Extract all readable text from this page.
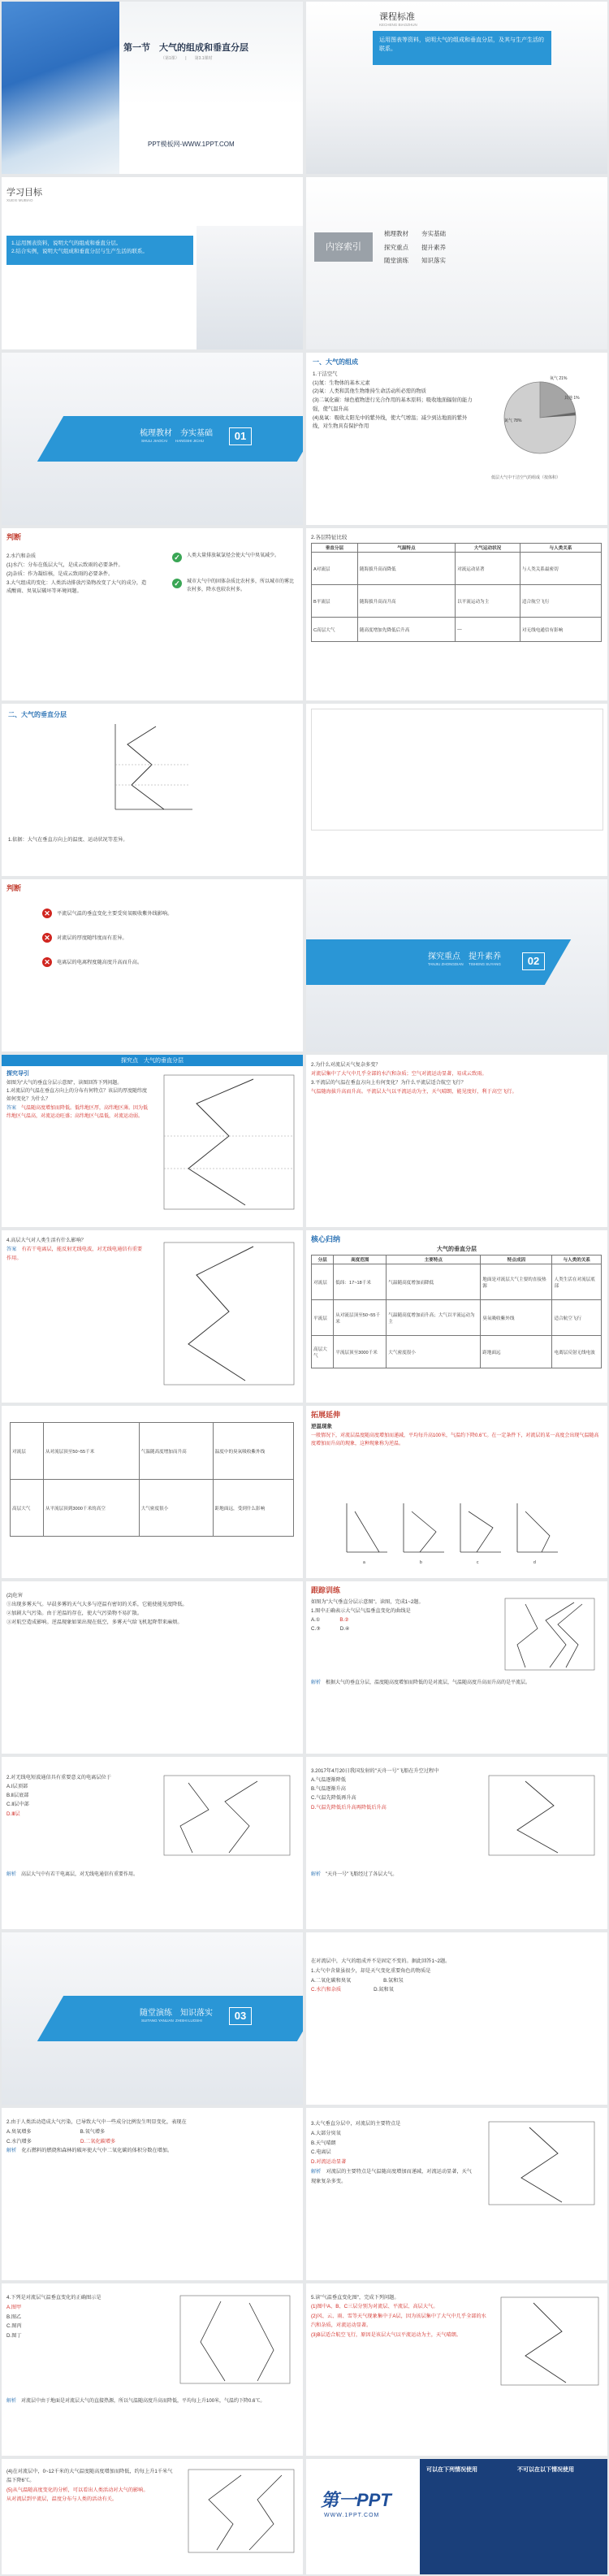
第一节　大气的组成和垂直分层
（第1课）　　|　　第3.1课时
PPT模板网-WWW.1PPT.COM
课程标准
KECHENG BIAOZHUN
运用图表等资料，说明大气的组成和垂直分层，及其与生产生活的联系。
学习目标
XUEXI MUBIAO
1.运用图表资料，说明大气的组成和垂直分层。
2.结合实例，说明大气组成和垂直分层与生产生活的联系。	内容索引
梳理教材 夯实基础
探究重点 提升素养
随堂演练 知识落实
梳理教材　夯实基础
SHULI JIAOCAI HANGSHI JICHU	01
一、大气的组成
1.干洁空气
(1)氮：生物体的基本元素
(2)氧：人类和其他生物维持生命活动所必需的物质
(3)二氧化碳：绿色植物进行光合作用的基本原料；吸收地面辐射的能力强，使气温升高
(4)臭氧：吸收太阳光中的紫外线，使大气增温；减少到达地面的紫外线，对生物具有保护作用
氧气 21%
氮气 78%
其他 1%
低层大气中干洁空气的组成（按体积）
判断
2.水汽和杂质
(1)水汽：分布在低层大气，是成云致雨的必要条件。
(2)杂质：作为凝结核，是成云致雨的必要条件。
3.大气组成的变化：人类活动排放污染物改变了大气的成分，造成酸雨、臭氧层破坏等环境问题。
✓	人类大量排放氟氯烃会使大气中臭氧减少。
✓	城市大气中的固体杂质比农村多，所以城市的雾比农村多，降水也较农村多。
2.各层特征比较
垂直分层	气温特点	大气运动状况	与人类关系
A对流层	随海拔升高而降低	对流运动显著	与人类关系最密切
B平流层	随海拔升高而升高	以平流运动为主	适合航空飞行
C高层大气	随高度增加先降低后升高	—	对无线电通信有影响
二、大气的垂直分层
1.依据：大气在垂直方向上的温度、运动状况等差异。
判断
✕	平流层气温的垂直变化主要受臭氧吸收紫外线影响。
✕	对流层的厚度随纬度而有差异。
✕	电离层的电离程度随高度升高而升高。
探究重点　提升素养
TANJIU ZHONGDIAN TISHENG SUYANG	02
探究点　大气的垂直分层
探究导引
如图为"大气的垂直分层示意图"，读图回答下列问题。
1.对流层的气温在垂直方向上的分布有何特点？该层的厚度随纬度如何变化？为什么？
答案　 气温随高度增加而降低。低纬地区厚，高纬地区薄。因为低纬地区气温高，对流运动旺盛；高纬地区气温低，对流运动弱。
2.为什么对流层天气复杂多变？
对流层集中了大气中几乎全部的水汽和杂质；空气对流运动显著，易成云致雨。
3.平流层的气温在垂直方向上有何变化？为什么平流层适合航空飞行？
气温随海拔升高而升高。平流层大气以平流运动为主，天气晴朗，能见度好，利于高空飞行。
4.高层大气对人类生活有什么影响？
答案　 有若干电离层，能反射无线电波，对无线电通信有重要作用。
核心归纳
大气的垂直分层
分层	高度范围	主要特点	特点成因	与人类的关系
对流层	低纬：17~18千米	气温随高度增加而降低	地面是对流层大气主要的直接热源	人类生活在对流层底部
平流层	从对流层顶至50~55千米	气温随高度增加而升高；大气以平流运动为主	臭氧吸收紫外线	适合航空飞行
高层大气	平流层顶至3000千米	大气密度很小	距地面远	电离层反射无线电波
对流层	从对流层顶至50~55千米	气温随高度增加而升高	温度中的臭氧吸收紫外线
高层大气	从平流层顶到3000千米的高空	大气密度很小	距地面远，受到什么影响
拓展延伸
逆温现象
一般情况下，对流层温度随高度增加而递减，平均每升高100米，气温约下降0.6℃。在一定条件下，对流层的某一高度会出现气温随高度增加而升高的现象，这种现象称为逆温。
a	b	c	d
(2)危害
①出现多雾天气。早晨多雾的天气大多与逆温有密切的关系，它能使能见度降低。
②加剧大气污染。由于逆温的存在，使大气污染物不易扩散。
③对航空造成影响。逆温现象如果出现在低空，多雾天气给飞机起降带来麻烦。
跟踪训练
如图为"大气垂直分层示意图"。读图，完成1~2题。
1.图中正确表示大气层气温垂直变化的曲线是
A.①	B.②
C.③	D.④
解析　 根据大气的垂直分层，温度随高度增加而降低的是对流层，气温随高度升高而升高的是平流层。
2.对无线电短波通信具有重要意义的电离层位于
A.Ⅰ层顶部
B.Ⅱ层底部
C.Ⅱ层中部
D.Ⅲ层
解析　 高层大气中有若干电离层，对无线电通信有重要作用。
3.2017年4月20日我国发射的"天舟一号"飞船在升空过程中
A.气温逐渐降低
B.气温逐渐升高
C.气温先降低再升高
D.气温先降低后升高再降低后升高
解析　 "天舟一号"飞船经过了各层大气。
随堂演练　知识落实
SUITANG YANLIAN ZHISHI LUOSHI	03
在对流层中，大气的组成并不是固定不变的。据此回答1~2题。
1.大气中含量虽很少，却是天气变化重要角色的物质是
A.二氧化碳和臭氧	B.氩和氖
C.水汽和杂质	D.氮和氧
2.由于人类活动造成大气污染，已导致大气中一些成分比例发生明显变化，表现在
A.臭氧增多	B.氧气增多
C.水汽增多	D.二氧化碳增多
解析　 化石燃料的燃烧和森林的破坏使大气中二氧化碳的体积分数在增加。
3.大气垂直分层中，对流层的主要特点是
A.大部分臭氧
B.天气晴朗
C.电离层
D.对流运动显著
解析　 对流层的主要特点是气温随高度增加而递减，对流运动显著，天气现象复杂多变。
4.下列是对流层气温垂直变化的正确图示是
A.图甲
B.图乙
C.图丙
D.图丁
解析　 对流层中由于地面是对流层大气的直接热源，所以气温随高度升高而降低，平均每上升100米，气温约下降0.6℃。
5.读"气温垂直变化图"，完成下列问题。
(1)图中A、B、C三层分别为对流层、平流层、高层大气。
(2)风、云、雨、雪等天气现象集中于A层，因为该层集中了大气中几乎全部的水汽和杂质，对流运动显著。
(3)B层适合航空飞行，原因是该层大气以平流运动为主，天气晴朗。
(4)在对流层中，0~12千米的大气温度随高度增加而降低，约每上升1千米气温下降6℃。
(5)从气温随高度变化的分析，可以看出人类活动对大气的影响。
从对流层到平流层，温度分布与人类的活动有关。	第一PPT
WWW.1PPT.COM
可以在下列情况使用	不可以在以下情况使用
